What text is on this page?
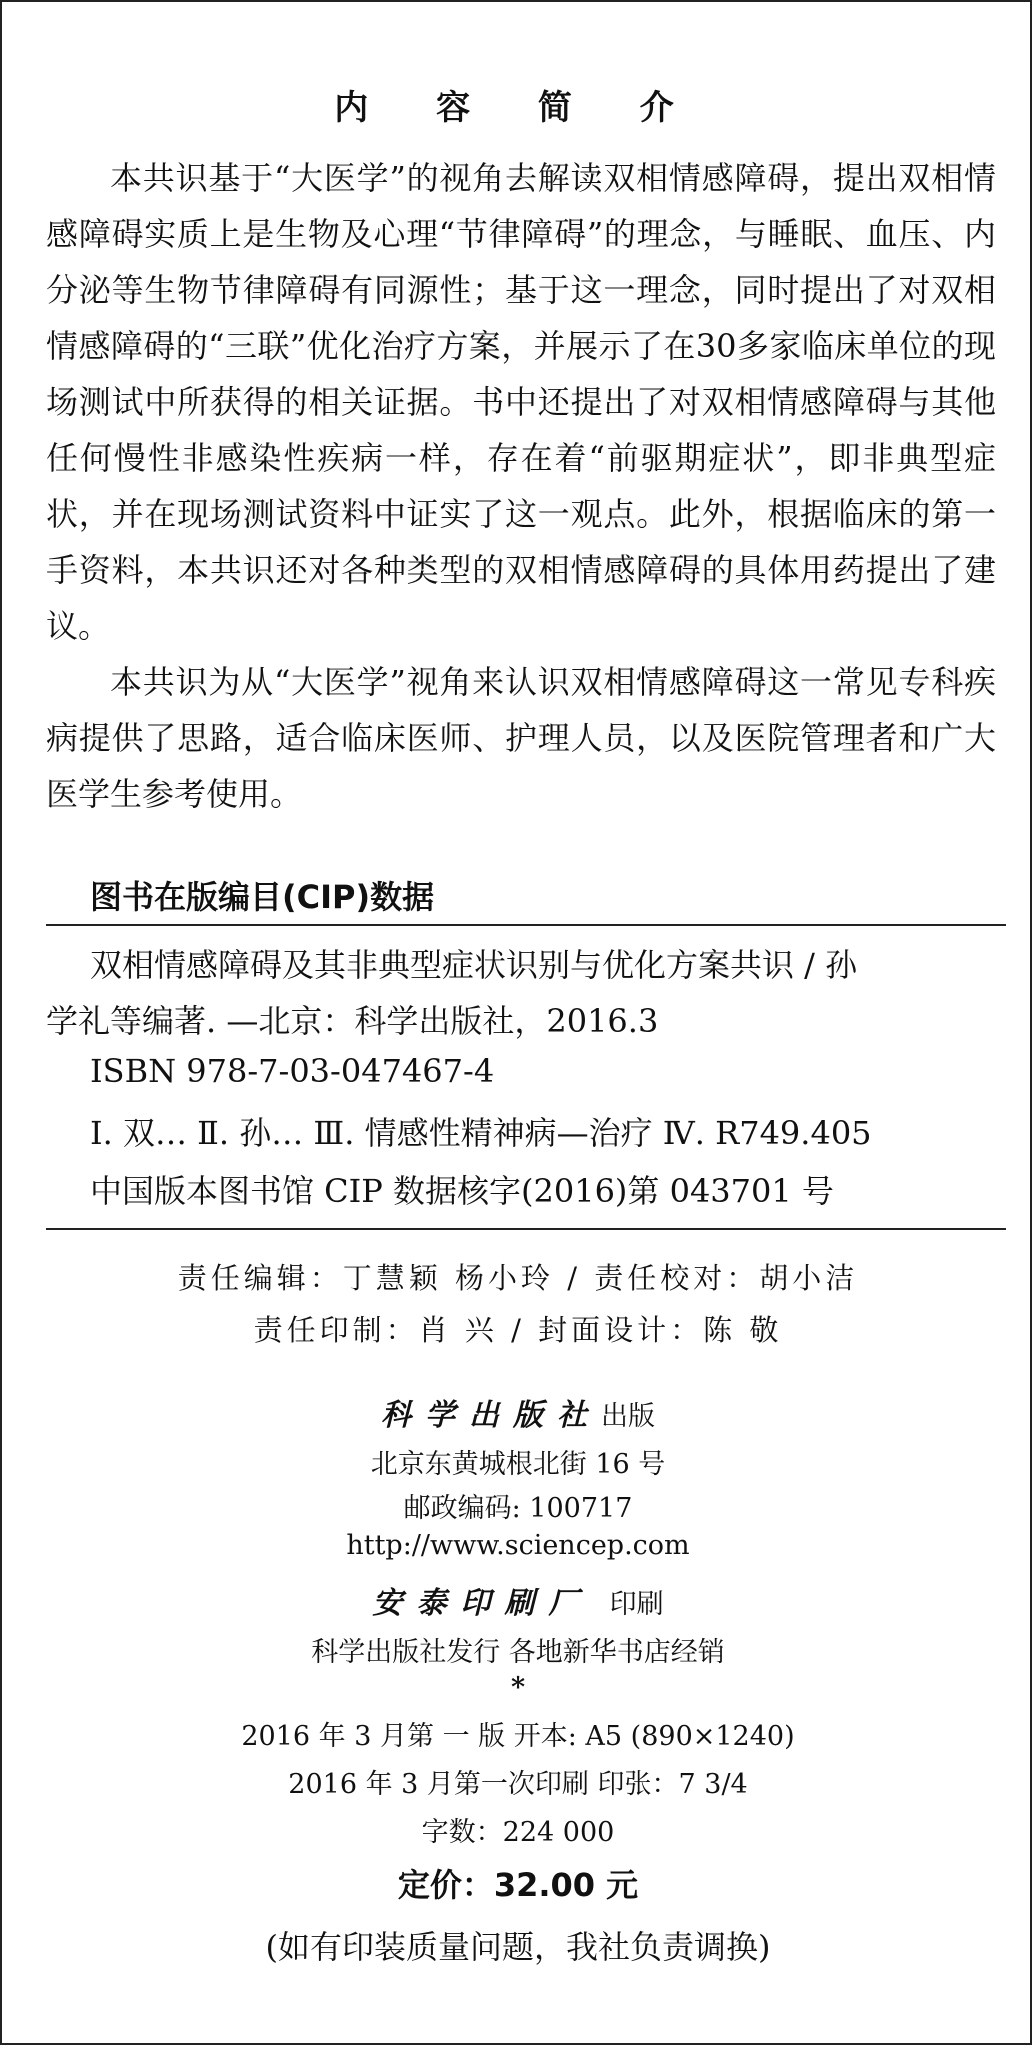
内 容 简 介

本共识基于“大医学”的视角去解读双相情感障碍，提出双相情感障碍实质上是生物及心理“节律障碍”的理念，与睡眠、血压、内分泌等生物节律障碍有同源性；基于这一理念，同时提出了对双相情感障碍的“三联”优化治疗方案，并展示了在30多家临床单位的现场测试中所获得的相关证据。书中还提出了对双相情感障碍与其他任何慢性非感染性疾病一样，存在着“前驱期症状”，即非典型症状，并在现场测试资料中证实了这一观点。此外，根据临床的第一手资料，本共识还对各种类型的双相情感障碍的具体用药提出了建议。

本共识为从“大医学”视角来认识双相情感障碍这一常见专科疾病提供了思路，适合临床医师、护理人员，以及医院管理者和广大医学生参考使用。

图书在版编目(CIP)数据
双相情感障碍及其非典型症状识别与优化方案共识 / 孙
学礼等编著. —北京：科学出版社，2016.3
ISBN 978-7-03-047467-4
Ⅰ. 双… Ⅱ. 孙… Ⅲ. 情感性精神病—治疗 Ⅳ. R749.405
中国版本图书馆 CIP 数据核字(2016)第 043701 号
责任编辑：丁慧颖 杨小玲 / 责任校对：胡小洁
责任印制：肖 兴 / 封面设计：陈 敬
科学出版社出版
北京东黄城根北街 16 号
邮政编码: 100717
http://www.sciencep.com
安泰印刷厂 印刷
科学出版社发行 各地新华书店经销
*
2016 年 3 月第 一 版 开本: A5 (890×1240)
2016 年 3 月第一次印刷 印张：7 3/4
字数：224 000
定价：32.00 元
(如有印装质量问题，我社负责调换)
